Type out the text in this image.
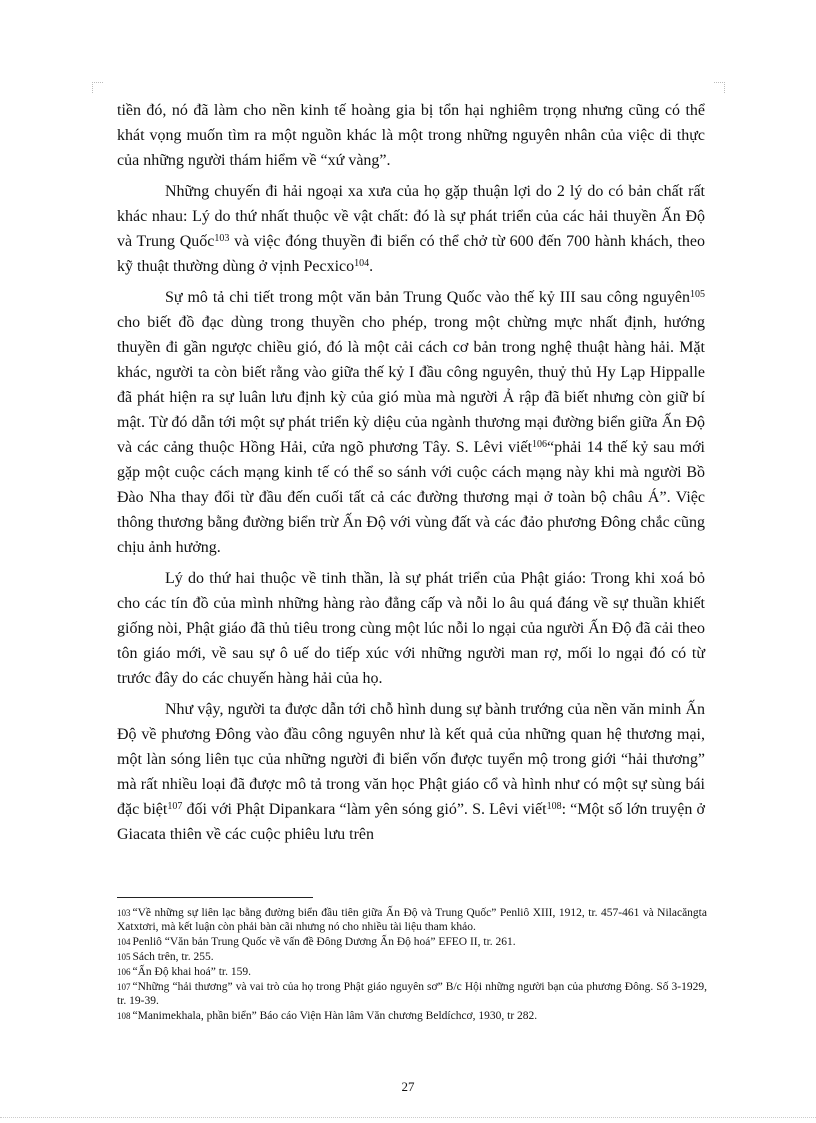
tiền đó, nó đã làm cho nền kinh tế hoàng gia bị tổn hại nghiêm trọng nhưng cũng có thể khát vọng muốn tìm ra một nguồn khác là một trong những nguyên nhân của việc di thực của những người thám hiểm về “xứ vàng”.

Những chuyến đi hải ngoại xa xưa của họ gặp thuận lợi do 2 lý do có bản chất rất khác nhau: Lý do thứ nhất thuộc về vật chất: đó là sự phát triển của các hải thuyền Ấn Độ và Trung Quốc$^{103}$ và việc đóng thuyền đi biển có thể chở từ 600 đến 700 hành khách, theo kỹ thuật thường dùng ở vịnh Pecxico$^{104}$.

Sự mô tả chi tiết trong một văn bản Trung Quốc vào thế kỷ III sau công nguyên$^{105}$ cho biết đồ đạc dùng trong thuyền cho phép, trong một chừng mực nhất định, hướng thuyền đi gần ngược chiều gió, đó là một cải cách cơ bản trong nghệ thuật hàng hải. Mặt khác, người ta còn biết rằng vào giữa thế kỷ I đầu công nguyên, thuỷ thủ Hy Lạp Hippalle đã phát hiện ra sự luân lưu định kỳ của gió mùa mà người Ả rập đã biết nhưng còn giữ bí mật. Từ đó dẫn tới một sự phát triển kỳ diệu của ngành thương mại đường biển giữa Ấn Độ và các cảng thuộc Hồng Hải, cửa ngõ phương Tây. S. Lêvi viết$^{106}$“phải 14 thế kỷ sau mới gặp một cuộc cách mạng kinh tế có thể so sánh với cuộc cách mạng này khi mà người Bồ Đào Nha thay đổi từ đầu đến cuối tất cả các đường thương mại ở toàn bộ châu Á”. Việc thông thương bằng đường biển trừ Ấn Độ với vùng đất và các đảo phương Đông chắc cũng chịu ảnh hưởng.

Lý do thứ hai thuộc về tinh thần, là sự phát triển của Phật giáo: Trong khi xoá bỏ cho các tín đồ của mình những hàng rào đẳng cấp và nỗi lo âu quá đáng về sự thuần khiết giống nòi, Phật giáo đã thủ tiêu trong cùng một lúc nỗi lo ngại của người Ấn Độ đã cải theo tôn giáo mới, về sau sự ô uế do tiếp xúc với những người man rợ, mối lo ngại đó có từ trước đây do các chuyến hàng hải của họ.

Như vậy, người ta được dẫn tới chỗ hình dung sự bành trướng của nền văn minh Ấn Độ về phương Đông vào đầu công nguyên như là kết quả của những quan hệ thương mại, một làn sóng liên tục của những người đi biển vốn được tuyển mộ trong giới “hải thương” mà rất nhiều loại đã được mô tả trong văn học Phật giáo cổ và hình như có một sự sùng bái đặc biệt$^{107}$ đối với Phật Dipankara “làm yên sóng gió”. S. Lêvi viết$^{108}$: “Một số lớn truyện ở Giacata thiên về các cuộc phiêu lưu trên

103 “Về những sự liên lạc bằng đường biển đầu tiên giữa Ấn Độ và Trung Quốc” Penliô XIII, 1912, tr. 457-461 và Nilacăngta Xatxtơri, mà kết luận còn phải bàn cãi nhưng nó cho nhiều tài liệu tham khảo.

104 Penliô “Văn bản Trung Quốc về vấn đề Đông Dương Ấn Độ hoá” EFEO II, tr. 261.

105 Sách trên, tr. 255.

106 “Ấn Độ khai hoá” tr. 159.

107 “Những “hải thương” và vai trò của họ trong Phật giáo nguyên sơ” B/c Hội những người bạn của phương Đông. Số 3-1929, tr. 19-39.

108 “Manimekhala, phần biển” Báo cáo Viện Hàn lâm Văn chương Beldíchcơ, 1930, tr 282.

27
